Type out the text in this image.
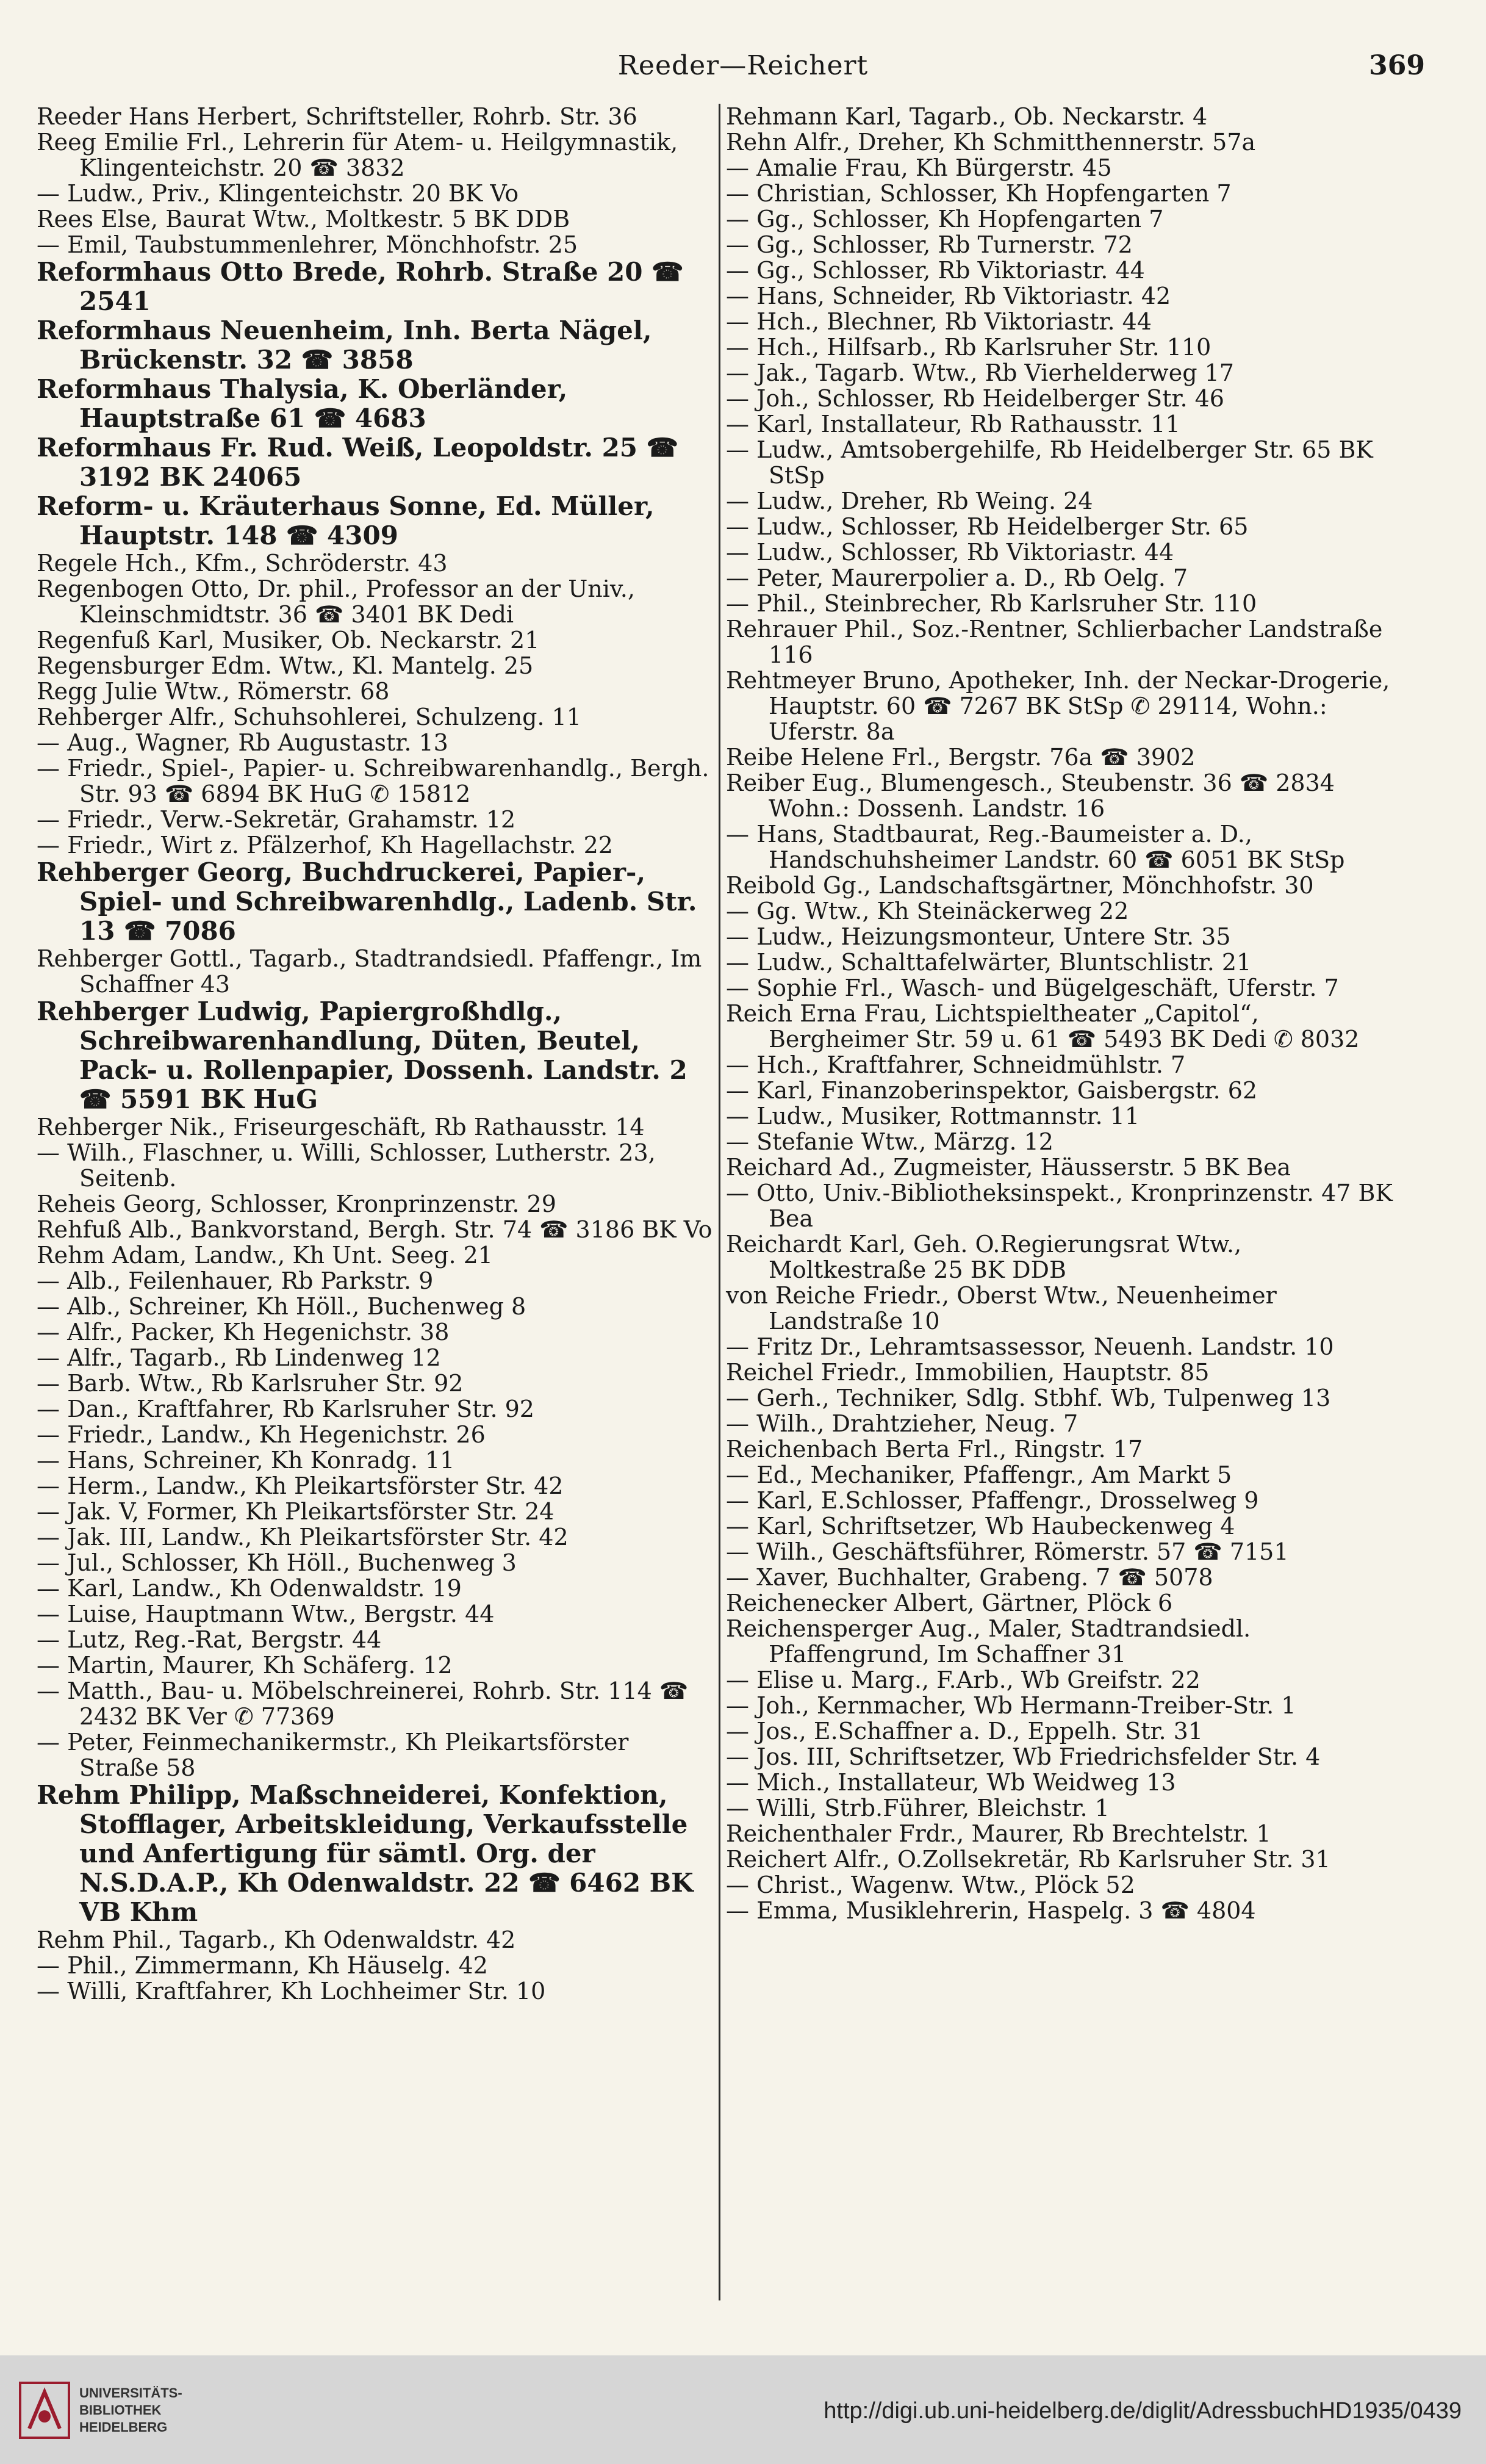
Reeder—Reichert	369
Reeder Hans Herbert, Schriftsteller, Rohrb. Str. 36
Reeg Emilie Frl., Lehrerin für Atem- u. Heilgymnastik, Klingenteichstr. 20 ☎ 3832
— Ludw., Priv., Klingenteichstr. 20 BK Vo
Rees Else, Baurat Wtw., Moltkestr. 5 BK DDB
— Emil, Taubstummenlehrer, Mönchhofstr. 25
Reformhaus Otto Brede, Rohrb. Straße 20 ☎ 2541
Reformhaus Neuenheim, Inh. Berta Nägel, Brückenstr. 32 ☎ 3858
Reformhaus Thalysia, K. Oberländer, Hauptstraße 61 ☎ 4683
Reformhaus Fr. Rud. Weiß, Leopoldstr. 25 ☎ 3192 BK 24065
Reform- u. Kräuterhaus Sonne, Ed. Müller, Hauptstr. 148 ☎ 4309
Regele Hch., Kfm., Schröderstr. 43
Regenbogen Otto, Dr. phil., Professor an der Univ., Kleinschmidtstr. 36 ☎ 3401 BK Dedi
Regenfuß Karl, Musiker, Ob. Neckarstr. 21
Regensburger Edm. Wtw., Kl. Mantelg. 25
Regg Julie Wtw., Römerstr. 68
Rehberger Alfr., Schuhsohlerei, Schulzeng. 11
— Aug., Wagner, Rb Augustastr. 13
— Friedr., Spiel-, Papier- u. Schreibwarenhandlg., Bergh. Str. 93 ☎ 6894 BK HuG ✆ 15812
— Friedr., Verw.-Sekretär, Grahamstr. 12
— Friedr., Wirt z. Pfälzerhof, Kh Hagellachstr. 22
Rehberger Georg, Buchdruckerei, Papier-, Spiel- und Schreibwarenhdlg., Ladenb. Str. 13 ☎ 7086
Rehberger Gottl., Tagarb., Stadtrandsiedl. Pfaffengr., Im Schaffner 43
Rehberger Ludwig, Papiergroßhdlg., Schreibwarenhandlung, Düten, Beutel, Pack- u. Rollenpapier, Dossenh. Landstr. 2 ☎ 5591 BK HuG
Rehberger Nik., Friseurgeschäft, Rb Rathausstr. 14
— Wilh., Flaschner, u. Willi, Schlosser, Lutherstr. 23, Seitenb.
Reheis Georg, Schlosser, Kronprinzenstr. 29
Rehfuß Alb., Bankvorstand, Bergh. Str. 74 ☎ 3186 BK Vo
Rehm Adam, Landw., Kh Unt. Seeg. 21
— Alb., Feilenhauer, Rb Parkstr. 9
— Alb., Schreiner, Kh Höll., Buchenweg 8
— Alfr., Packer, Kh Hegenichstr. 38
— Alfr., Tagarb., Rb Lindenweg 12
— Barb. Wtw., Rb Karlsruher Str. 92
— Dan., Kraftfahrer, Rb Karlsruher Str. 92
— Friedr., Landw., Kh Hegenichstr. 26
— Hans, Schreiner, Kh Konradg. 11
— Herm., Landw., Kh Pleikartsförster Str. 42
— Jak. V, Former, Kh Pleikartsförster Str. 24
— Jak. III, Landw., Kh Pleikartsförster Str. 42
— Jul., Schlosser, Kh Höll., Buchenweg 3
— Karl, Landw., Kh Odenwaldstr. 19
— Luise, Hauptmann Wtw., Bergstr. 44
— Lutz, Reg.-Rat, Bergstr. 44
— Martin, Maurer, Kh Schäferg. 12
— Matth., Bau- u. Möbelschreinerei, Rohrb. Str. 114 ☎ 2432 BK Ver ✆ 77369
— Peter, Feinmechanikermstr., Kh Pleikartsförster Straße 58
Rehm Philipp, Maßschneiderei, Konfektion, Stofflager, Arbeitskleidung, Verkaufsstelle und Anfertigung für sämtl. Org. der N.S.D.A.P., Kh Odenwaldstr. 22 ☎ 6462 BK VB Khm
Rehm Phil., Tagarb., Kh Odenwaldstr. 42
— Phil., Zimmermann, Kh Häuselg. 42
— Willi, Kraftfahrer, Kh Lochheimer Str. 10
Rehmann Karl, Tagarb., Ob. Neckarstr. 4
Rehn Alfr., Dreher, Kh Schmitthennerstr. 57a
— Amalie Frau, Kh Bürgerstr. 45
— Christian, Schlosser, Kh Hopfengarten 7
— Gg., Schlosser, Kh Hopfengarten 7
— Gg., Schlosser, Rb Turnerstr. 72
— Gg., Schlosser, Rb Viktoriastr. 44
— Hans, Schneider, Rb Viktoriastr. 42
— Hch., Blechner, Rb Viktoriastr. 44
— Hch., Hilfsarb., Rb Karlsruher Str. 110
— Jak., Tagarb. Wtw., Rb Vierhelderweg 17
— Joh., Schlosser, Rb Heidelberger Str. 46
— Karl, Installateur, Rb Rathausstr. 11
— Ludw., Amtsobergehilfe, Rb Heidelberger Str. 65 BK StSp
— Ludw., Dreher, Rb Weing. 24
— Ludw., Schlosser, Rb Heidelberger Str. 65
— Ludw., Schlosser, Rb Viktoriastr. 44
— Peter, Maurerpolier a. D., Rb Oelg. 7
— Phil., Steinbrecher, Rb Karlsruher Str. 110
Rehrauer Phil., Soz.-Rentner, Schlierbacher Landstraße 116
Rehtmeyer Bruno, Apotheker, Inh. der Neckar-Drogerie, Hauptstr. 60 ☎ 7267 BK StSp ✆ 29114, Wohn.: Uferstr. 8a
Reibe Helene Frl., Bergstr. 76a ☎ 3902
Reiber Eug., Blumengesch., Steubenstr. 36 ☎ 2834 Wohn.: Dossenh. Landstr. 16
— Hans, Stadtbaurat, Reg.-Baumeister a. D., Handschuhsheimer Landstr. 60 ☎ 6051 BK StSp
Reibold Gg., Landschaftsgärtner, Mönchhofstr. 30
— Gg. Wtw., Kh Steinäckerweg 22
— Ludw., Heizungsmonteur, Untere Str. 35
— Ludw., Schalttafelwärter, Bluntschlistr. 21
— Sophie Frl., Wasch- und Bügelgeschäft, Uferstr. 7
Reich Erna Frau, Lichtspieltheater „Capitol“, Bergheimer Str. 59 u. 61 ☎ 5493 BK Dedi ✆ 8032
— Hch., Kraftfahrer, Schneidmühlstr. 7
— Karl, Finanzoberinspektor, Gaisbergstr. 62
— Ludw., Musiker, Rottmannstr. 11
— Stefanie Wtw., Märzg. 12
Reichard Ad., Zugmeister, Häusserstr. 5 BK Bea
— Otto, Univ.-Bibliotheksinspekt., Kronprinzenstr. 47 BK Bea
Reichardt Karl, Geh. O.Regierungsrat Wtw., Moltkestraße 25 BK DDB
von Reiche Friedr., Oberst Wtw., Neuenheimer Landstraße 10
— Fritz Dr., Lehramtsassessor, Neuenh. Landstr. 10
Reichel Friedr., Immobilien, Hauptstr. 85
— Gerh., Techniker, Sdlg. Stbhf. Wb, Tulpenweg 13
— Wilh., Drahtzieher, Neug. 7
Reichenbach Berta Frl., Ringstr. 17
— Ed., Mechaniker, Pfaffengr., Am Markt 5
— Karl, E.Schlosser, Pfaffengr., Drosselweg 9
— Karl, Schriftsetzer, Wb Haubeckenweg 4
— Wilh., Geschäftsführer, Römerstr. 57 ☎ 7151
— Xaver, Buchhalter, Grabeng. 7 ☎ 5078
Reichenecker Albert, Gärtner, Plöck 6
Reichensperger Aug., Maler, Stadtrandsiedl. Pfaffengrund, Im Schaffner 31
— Elise u. Marg., F.Arb., Wb Greifstr. 22
— Joh., Kernmacher, Wb Hermann-Treiber-Str. 1
— Jos., E.Schaffner a. D., Eppelh. Str. 31
— Jos. III, Schriftsetzer, Wb Friedrichsfelder Str. 4
— Mich., Installateur, Wb Weidweg 13
— Willi, Strb.Führer, Bleichstr. 1
Reichenthaler Frdr., Maurer, Rb Brechtelstr. 1
Reichert Alfr., O.Zollsekretär, Rb Karlsruher Str. 31
— Christ., Wagenw. Wtw., Plöck 52
— Emma, Musiklehrerin, Haspelg. 3 ☎ 4804
UNIVERSITÄTS-
BIBLIOTHEK
HEIDELBERG
http://digi.ub.uni-heidelberg.de/diglit/AdressbuchHD1935/0439
